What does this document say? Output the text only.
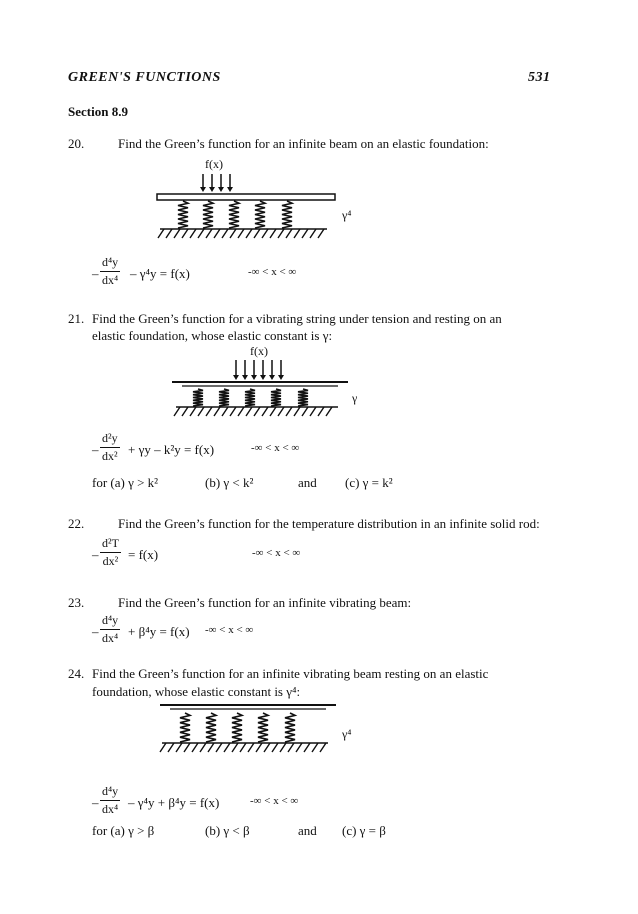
GREEN'S FUNCTIONS	531
Section 8.9
20.	Find the Green’s function for an infinite beam on an elastic foundation:
f(x)
γ⁴
– $\frac{\text{d⁴y}}{\text{dx⁴}} - \gamma^4y = f(x)$	-∞ < x < ∞
21. Find the Green’s function for a vibrating string under tension and resting on an
elastic foundation, whose elastic constant is γ:
f(x)
γ
– $\frac{\text{d²y}}{\text{dx²}} + \gamma y - k^2y = f(x)$	-∞ < x < ∞
for (a) γ > k²	(b) γ < k²	and (c) γ = k²
22.	Find the Green’s function for the temperature distribution in an infinite solid rod:
– $\frac{\text{d²T}}{\text{dx²}} = f(x)$	-∞ < x < ∞
23.	Find the Green’s function for an infinite vibrating beam:
– $\frac{\text{d⁴y}}{\text{dx⁴}} + \beta^4y = f(x)$ -∞ < x < ∞
24. Find the Green’s function for an infinite vibrating beam resting on an elastic
foundation, whose elastic constant is γ⁴:
γ⁴
– $\frac{\text{d⁴y}}{\text{dx⁴}} - \gamma^4y + \beta^4y = f(x)$	-∞ < x < ∞
for (a) γ > β	(b) γ < β	and (c) γ = β
